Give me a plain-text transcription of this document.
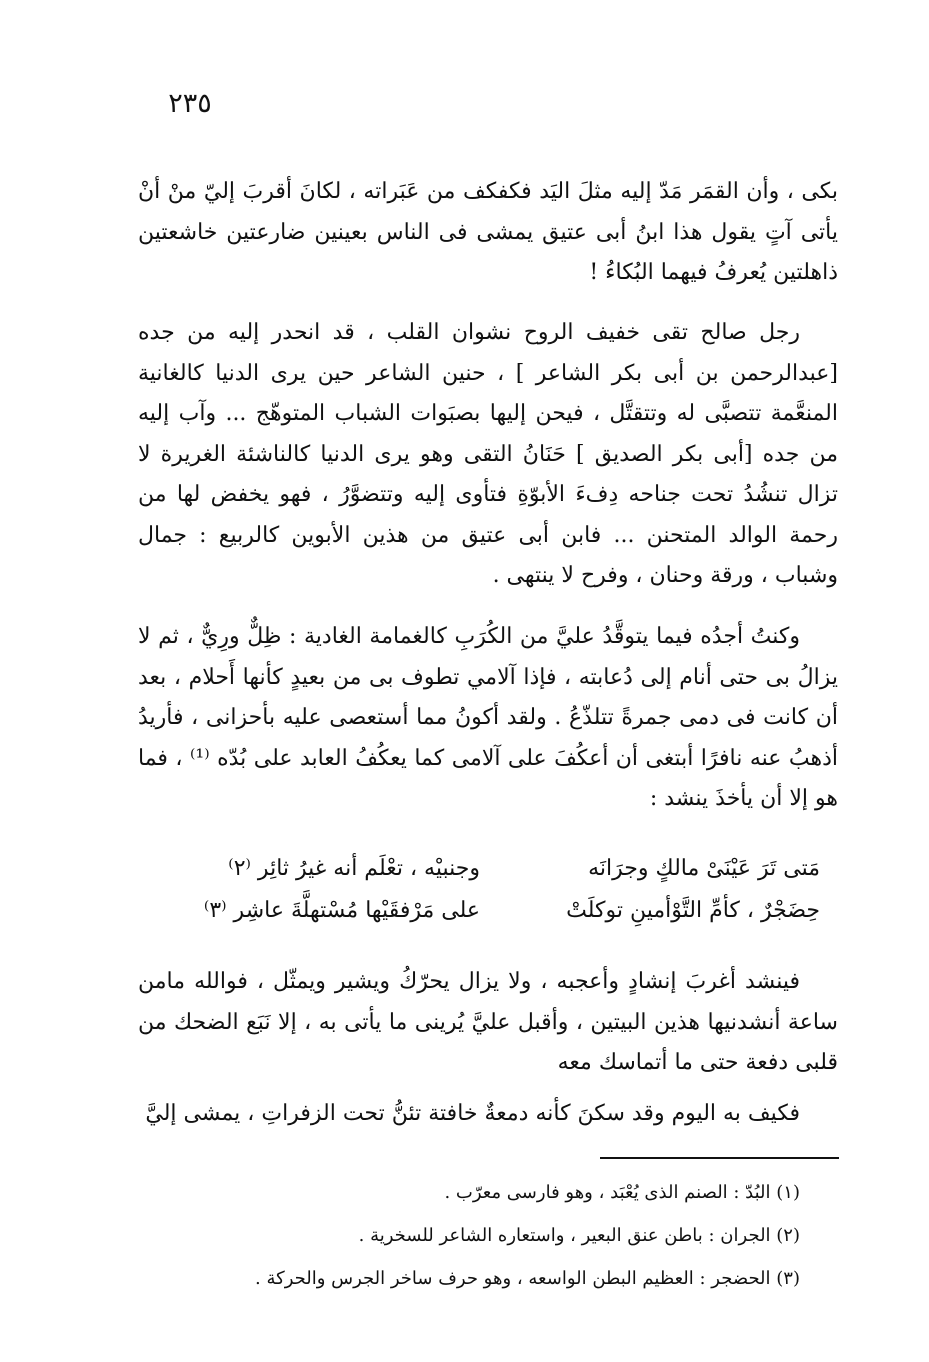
٢٣٥

بكى ، وأن القمَر مَدّ إليه مثلَ اليَد فكفكف من عَبَراته ، لكانَ أقربَ إليّ منْ أنْ يأتى آتٍ يقول هذا ابنُ أبى عتيق يمشى فى الناس بعينين ضارعتين خاشعتين ذاهلتين يُعرفُ فيهما البُكاءُ !

رجل صالح تقى خفيف الروح نشوان القلب ، قد انحدر إليه من جده [عبدالرحمن بن أبى بكر الشاعر ] ، حنين الشاعر حين يرى الدنيا كالغانية المنعَّمة تتصبَّى له وتتقتَّل ، فيحن إليها بصبَوات الشباب المتوهّج ... وآب إليه من جده [أبى بكر الصديق ] حَنَانُ التقى وهو يرى الدنيا كالناشئة الغريرة لا تزال تنشُدُ تحت جناحه دِفءَ الأبوّةِ فتأوى إليه وتتضوَّرُ ، فهو يخفض لها من رحمة الوالد المتحنن ... فابن أبى عتيق من هذين الأبوين كالربيع : جمال وشباب ، ورقة وحنان ، وفرح لا ينتهى .

وكنتُ أجدُه فيما يتوقَّدُ عليَّ من الكُرَبِ كالغمامة الغادية : ظِلٌّ ورِيٌّ ، ثم لا يزالُ بى حتى أنام إلى دُعابته ، فإذا آلامي تطوف بى من بعيدٍ كأنها أَحلام ، بعد أن كانت فى دمى جمرةً تتلذّعُ . ولقد أكونُ مما أستعصى عليه بأحزانى ، فأريدُ أذهبُ عنه نافرًا أبتغى أن أعكُفَ على آلامى كما يعكُفُ العابد على بُدّه ⁽¹⁾ ، فما هو إلا أن يأخذَ ينشد :

مَتى تَرَ عَيْنَىْ مالكٍ وجرَانَه
وجنبيْه ، تعْلَم أنه غيرُ ثائِر ⁽٢⁾
حِضَجْرٌ ، كأمِّ التَّوْأمينِ توكلَتْ
على مَرْفقَيْها مُسْتهلَّةَ عاشِر ⁽٣⁾

فينشد أغربَ إنشادٍ وأعجبه ، ولا يزال يحرّكُ ويشير ويمثّل ، فوالله مامن ساعة أنشدنيها هذين البيتين ، وأقبل عليَّ يُرينى ما يأتى به ، إلا نَبَع الضحك من قلبى دفعة حتى ما أتماسك معه

فكيف به اليوم وقد سكنَ كأنه دمعةٌ خافتة تئنُّ تحت الزفراتِ ، يمشى إليَّ

(١) البُدّ : الصنم الذى يُعْبَد ، وهو فارسى معرّب .
(٢) الجران : باطن عنق البعير ، واستعاره الشاعر للسخرية .
(٣) الحضجر : العظيم البطن الواسعه ، وهو حرف ساخر الجرس والحركة .
